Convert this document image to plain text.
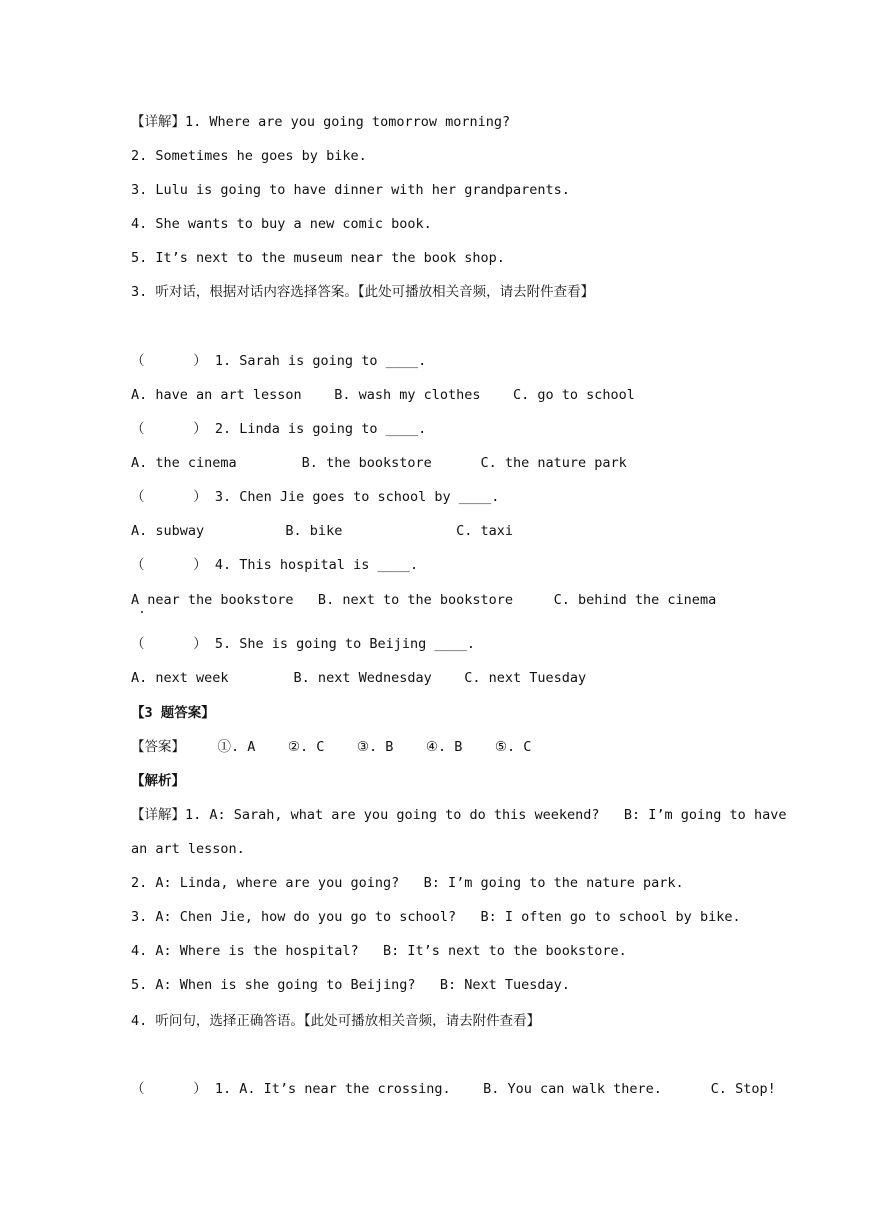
【详解】1. Where are you going tomorrow morning?
2. Sometimes he goes by bike.
3. Lulu is going to have dinner with her grandparents.
4. She wants to buy a new comic book.
5. It’s next to the museum near the book shop.
3. 听对话，根据对话内容选择答案。【此处可播放相关音频，请去附件查看】
（      ） 1. Sarah is going to ____.
A. have an art lesson    B. wash my clothes    C. go to school
（      ） 2. Linda is going to ____.
A. the cinema        B. the bookstore      C. the nature park
（      ） 3. Chen Jie goes to school by ____.
A. subway          B. bike              C. taxi
（      ） 4. This hospital is ____.
A near the bookstore   B. next to the bookstore     C. behind the cinema
（      ） 5. She is going to Beijing ____.
A. next week        B. next Wednesday    C. next Tuesday
【3 题答案】
【答案】    ①. A    ②. C    ③. B    ④. B    ⑤. C
【解析】
【详解】1. A: Sarah, what are you going to do this weekend?   B: I’m going to have
an art lesson.
2. A: Linda, where are you going?   B: I’m going to the nature park.
3. A: Chen Jie, how do you go to school?   B: I often go to school by bike.
4. A: Where is the hospital?   B: It’s next to the bookstore.
5. A: When is she going to Beijing?   B: Next Tuesday.
4. 听问句，选择正确答语。【此处可播放相关音频，请去附件查看】
（      ） 1. A. It’s near the crossing.    B. You can walk there.      C. Stop!
